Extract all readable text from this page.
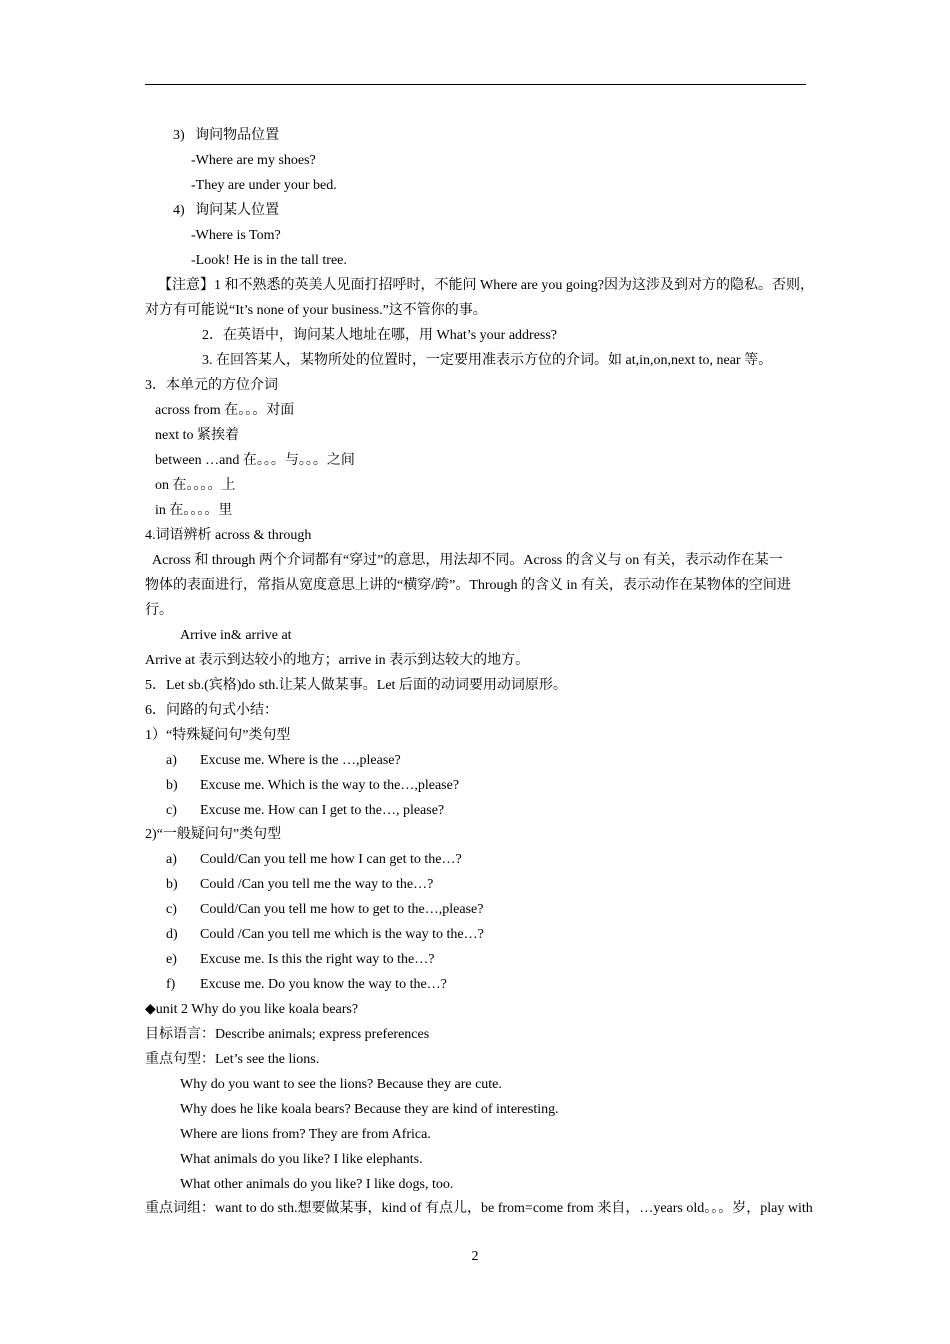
3)   询问物品位置
-Where are my shoes?
-They are under your bed.
4)   询问某人位置
-Where is Tom?
-Look! He is in the tall tree.
【注意】1 和不熟悉的英美人见面打招呼时，不能问 Where are you going?因为这涉及到对方的隐私。否则，
对方有可能说“It’s none of your business.”这不管你的事。
2．在英语中，询问某人地址在哪，用 What’s your address?
3. 在回答某人，某物所处的位置时，一定要用准表示方位的介词。如 at,in,on,next to, near 等。
3．本单元的方位介词
across from 在。。。对面
next to 紧挨着
between …and 在。。。与。。。之间
on 在。。。。上
in 在。。。。里
4.词语辨析 across & through
Across 和 through 两个介词都有“穿过”的意思，用法却不同。Across 的含义与 on 有关，表示动作在某一
物体的表面进行，常指从宽度意思上讲的“横穿/跨”。Through 的含义 in 有关，表示动作在某物体的空间进
行。
Arrive in& arrive at
Arrive at 表示到达较小的地方；arrive in 表示到达较大的地方。
5．Let sb.(宾格)do sth.让某人做某事。Let 后面的动词要用动词原形。
6．问路的句式小结：
1）“特殊疑问句”类句型
a) Excuse me. Where is the …,please?
b) Excuse me. Which is the way to the…,please?
c) Excuse me. How can I get to the…, please?
2)“一般疑问句”类句型
a) Could/Can you tell me how I can get to the…?
b) Could /Can you tell me the way to the…?
c) Could/Can you tell me how to get to the…,please?
d) Could /Can you tell me which is the way to the…?
e) Excuse me. Is this the right way to the…?
f) Excuse me. Do you know the way to the…?
◆unit 2 Why do you like koala bears?
目标语言：Describe animals; express preferences
重点句型：Let’s see the lions.
Why do you want to see the lions? Because they are cute.
Why does he like koala bears? Because they are kind of interesting.
Where are lions from? They are from Africa.
What animals do you like? I like elephants.
What other animals do you like? I like dogs, too.
重点词组：want to do sth.想要做某事，kind of 有点儿，be from=come from 来自，…years old。。。岁，play with
2
